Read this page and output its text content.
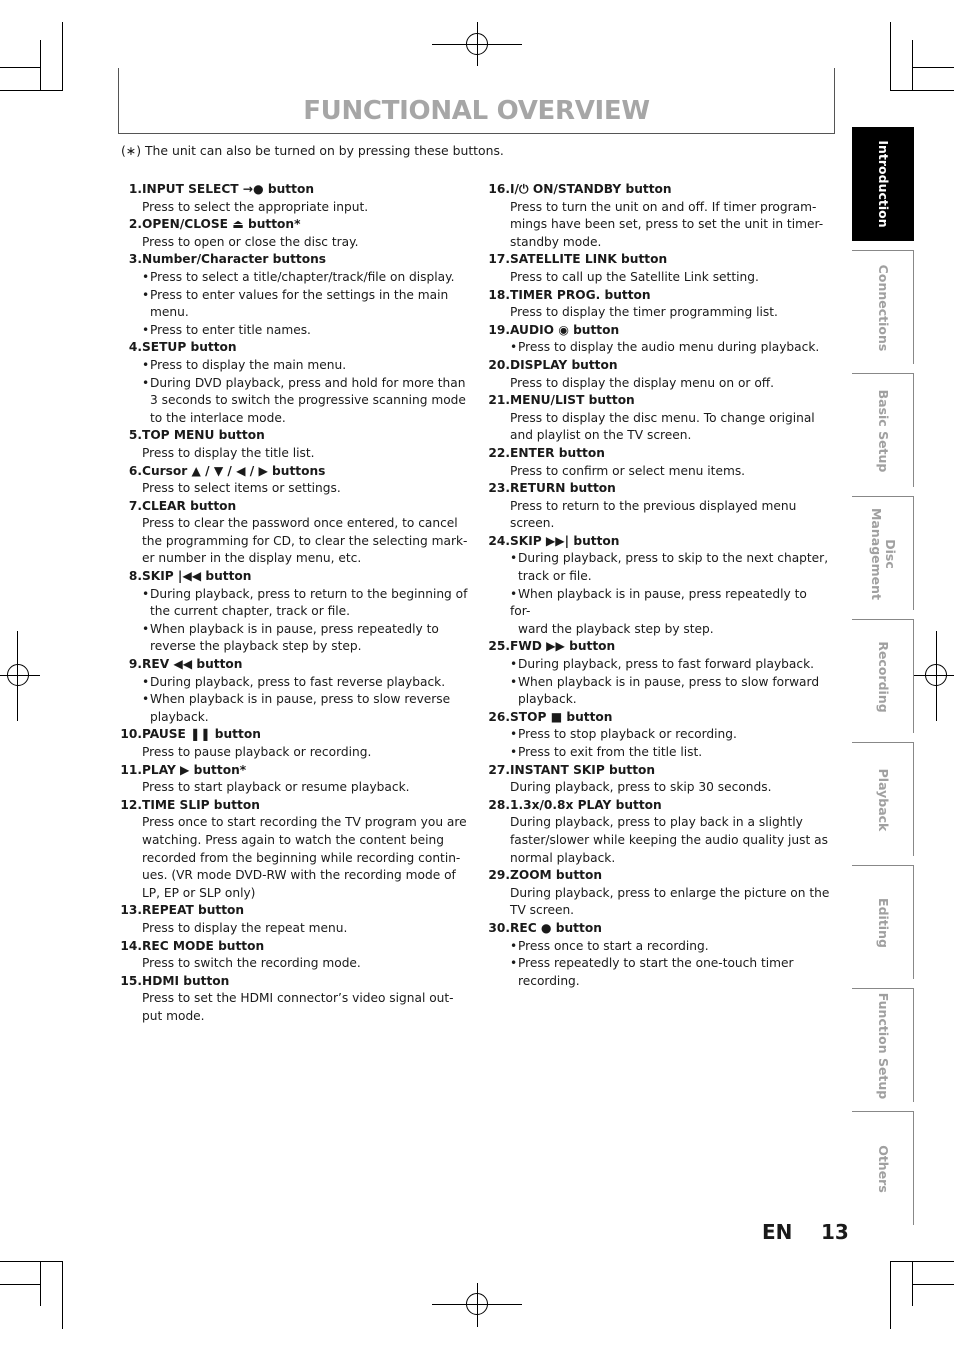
FUNCTIONAL OVERVIEW
(∗) The unit can also be turned on by pressing these buttons.
1. INPUT SELECT →● button
Press to select the appropriate input.
2. OPEN/CLOSE ⏏ button*
Press to open or close the disc tray.
3. Number/Character buttons
•Press to select a title/chapter/track/file on display.
•Press to enter values for the settings in the main
menu.
•Press to enter title names.
4. SETUP button
•Press to display the main menu.
•During DVD playback, press and hold for more than
3 seconds to switch the progressive scanning mode
to the interlace mode.
5. TOP MENU button
Press to display the title list.
6. Cursor ▲ / ▼ / ◀ / ▶ buttons
Press to select items or settings.
7. CLEAR button
Press to clear the password once entered, to cancel
the programming for CD, to clear the selecting mark-
er number in the display menu, etc.
8. SKIP |◀◀ button
•During playback, press to return to the beginning of
the current chapter, track or file.
•When playback is in pause, press repeatedly to
reverse the playback step by step.
9. REV ◀◀ button
•During playback, press to fast reverse playback.
•When playback is in pause, press to slow reverse
playback.
10. PAUSE ❚❚ button
Press to pause playback or recording.
11. PLAY ▶ button*
Press to start playback or resume playback.
12. TIME SLIP button
Press once to start recording the TV program you are
watching. Press again to watch the content being
recorded from the beginning while recording contin-
ues. (VR mode DVD-RW with the recording mode of
LP, EP or SLP only)
13. REPEAT button
Press to display the repeat menu.
14. REC MODE button
Press to switch the recording mode.
15. HDMI button
Press to set the HDMI connector’s video signal out-
put mode.
16. I/⏻ ON/STANDBY button
Press to turn the unit on and off. If timer program-
mings have been set, press to set the unit in timer-
standby mode.
17. SATELLITE LINK button
Press to call up the Satellite Link setting.
18. TIMER PROG. button
Press to display the timer programming list.
19. AUDIO ◉ button
•Press to display the audio menu during playback.
20. DISPLAY button
Press to display the display menu on or off.
21. MENU/LIST button
Press to display the disc menu. To change original
and playlist on the TV screen.
22. ENTER button
Press to confirm or select menu items.
23. RETURN button
Press to return to the previous displayed menu
screen.
24. SKIP ▶▶| button
•During playback, press to skip to the next chapter,
track or file.
•When playback is in pause, press repeatedly to for-
ward the playback step by step.
25. FWD ▶▶ button
•During playback, press to fast forward playback.
•When playback is in pause, press to slow forward
playback.
26. STOP ■ button
•Press to stop playback or recording.
•Press to exit from the title list.
27. INSTANT SKIP button
During playback, press to skip 30 seconds.
28. 1.3x/0.8x PLAY button
During playback, press to play back in a slightly
faster/slower while keeping the audio quality just as
normal playback.
29. ZOOM button
During playback, press to enlarge the picture on the
TV screen.
30. REC ● button
•Press once to start a recording.
•Press repeatedly to start the one-touch timer
recording.
Introduction
Connections
Basic Setup
Disc
Management
Recording
Playback
Editing
Function Setup
Others
EN 13
